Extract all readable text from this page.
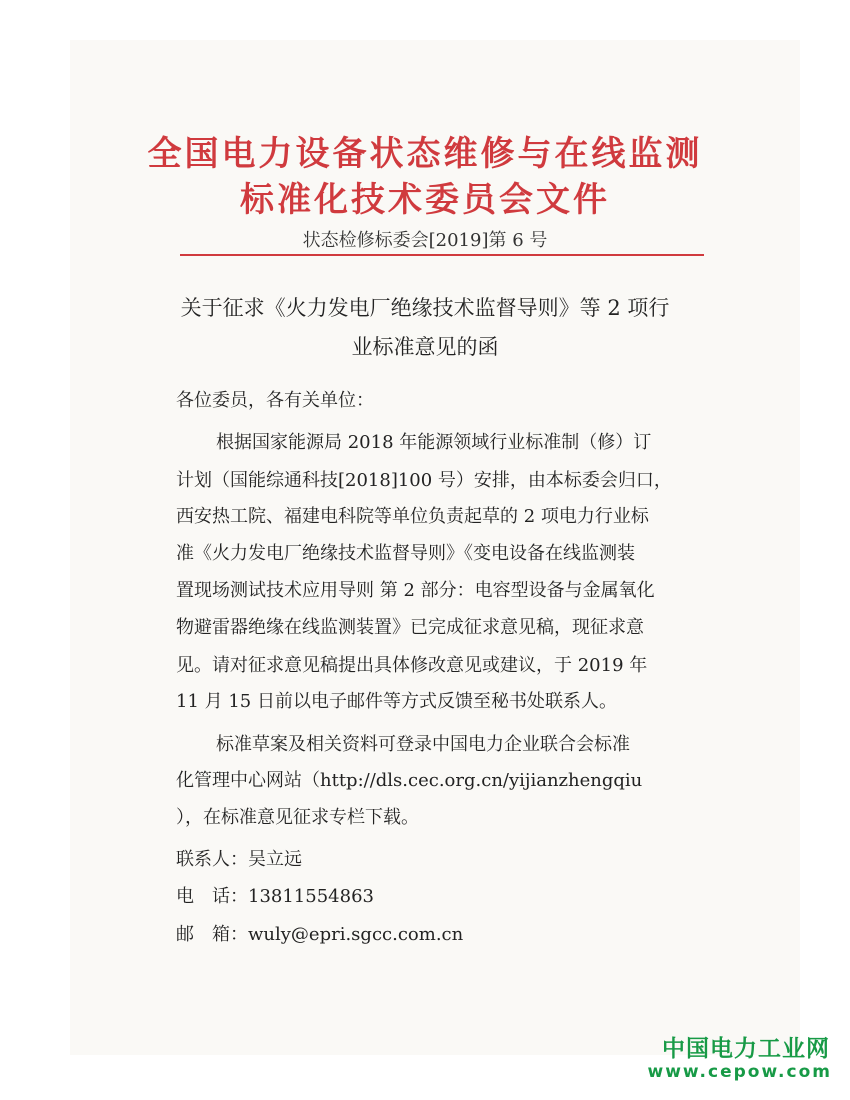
全国电力设备状态维修与在线监测
标准化技术委员会文件
状态检修标委会[2019]第 6 号
关于征求《火力发电厂绝缘技术监督导则》等 2 项行
业标准意见的函
各位委员，各有关单位：
根据国家能源局 2018 年能源领域行业标准制（修）订
计划（国能综通科技[2018]100 号）安排，由本标委会归口，
西安热工院、福建电科院等单位负责起草的 2 项电力行业标
准《火力发电厂绝缘技术监督导则》《变电设备在线监测装
置现场测试技术应用导则 第 2 部分：电容型设备与金属氧化
物避雷器绝缘在线监测装置》已完成征求意见稿，现征求意
见。请对征求意见稿提出具体修改意见或建议，于 2019 年
11 月 15 日前以电子邮件等方式反馈至秘书处联系人。
标准草案及相关资料可登录中国电力企业联合会标准
化管理中心网站（http://dls.cec.org.cn/yijianzhengqiu
），在标准意见征求专栏下载。
联系人：吴立远
电　话：13811554863
邮　箱：wuly@epri.sgcc.com.cn
中国电力工业网
www.cepow.com
